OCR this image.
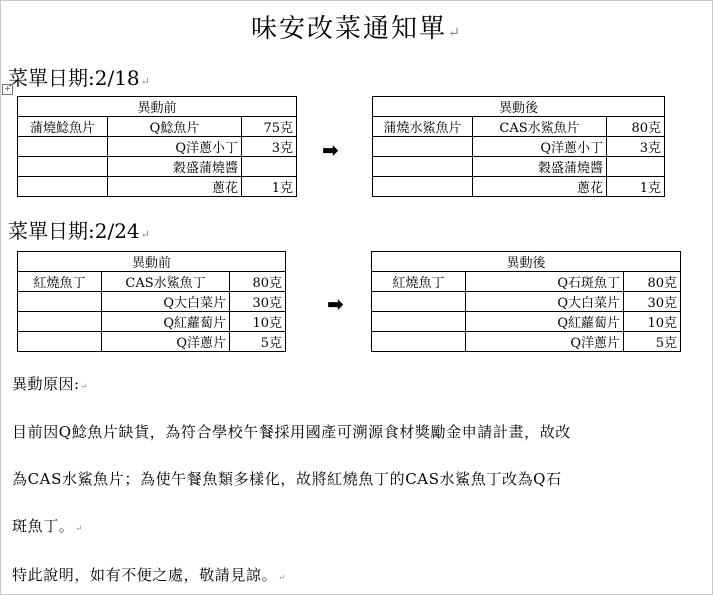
味安改菜通知單↵
菜單日期:2/18↵
+
異動前				異動後		
蒲燒鯰魚片	Q鯰魚片	75克		蒲燒水鯊魚片	CAS水鯊魚片	80克
	Q洋蔥小丁	3克			Q洋蔥小丁	3克
	穀盛蒲燒醬				穀盛蒲燒醬	
	蔥花	1克			蔥花	1克
➡
菜單日期:2/24↵
異動前				異動後		
紅燒魚丁	CAS水鯊魚丁	80克		紅燒魚丁	Q石斑魚丁	80克
	Q大白菜片	30克			Q大白菜片	30克
	Q紅蘿蔔片	10克			Q紅蘿蔔片	10克
	Q洋蔥片	5克			Q洋蔥片	5克
➡
異動原因:↵
目前因Q鯰魚片缺貨，為符合學校午餐採用國產可溯源食材獎勵金申請計畫，故改
為CAS水鯊魚片；為使午餐魚類多樣化，故將紅燒魚丁的CAS水鯊魚丁改為Q石
斑魚丁。↵
特此說明，如有不便之處，敬請見諒。↵
